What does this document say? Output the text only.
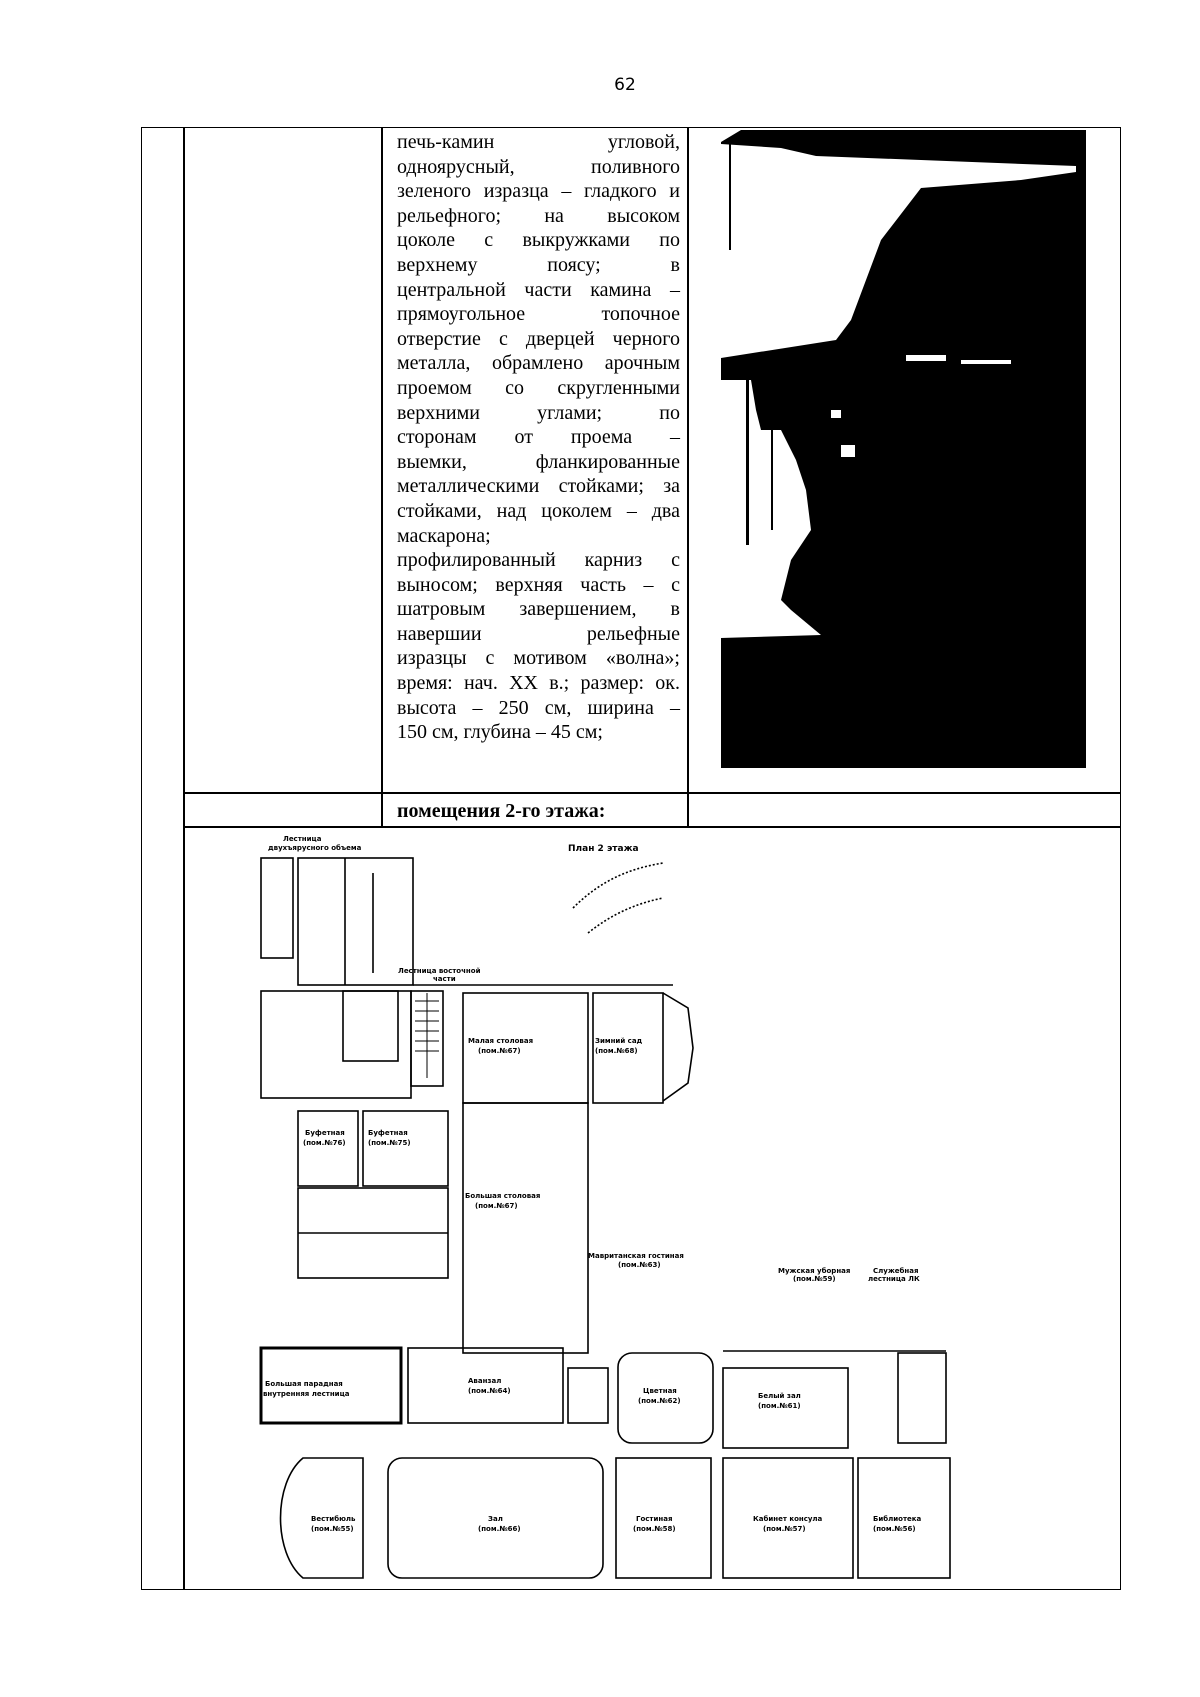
62
печь-камин угловой,
одноярусный, поливного
зеленого изразца – гладкого и
рельефного; на высоком
цоколе с выкружками по
верхнему поясу; в
центральной части камина –
прямоугольное топочное
отверстие с дверцей черного
металла, обрамлено арочным
проемом со скругленными
верхними углами; по
сторонам от проема –
выемки, фланкированные
металлическими стойками; за
стойками, над цоколем – два
маскарона;
профилированный карниз с
выносом; верхняя часть – с
шатровым завершением, в
навершии рельефные
изразцы с мотивом «волна»;
время: нач. XX в.; размер: ок.
высота – 250 см, ширина –
150 см, глубина – 45 см;
помещения 2-го этажа:
Лестница
двухъярусного объема	План 2 этажа
Лестница восточной
части
Малая столовая
(пом.№67)
Зимний сад
(пом.№68)
Буфетная
(пом.№76)
Буфетная
(пом.№75)
Большая столовая
(пом.№67)
Мавританская гостиная
(пом.№63)
Мужская уборная
(пом.№59)
Служебная
лестница ЛК
Большая парадная
внутренняя лестница
Аванзал
(пом.№64)	Цветная
(пом.№62)
Белый зал
(пом.№61)
Вестибюль
(пом.№55)
Зал
(пом.№66)
Гостиная
(пом.№58)
Кабинет консула
(пом.№57)
Библиотека
(пом.№56)
